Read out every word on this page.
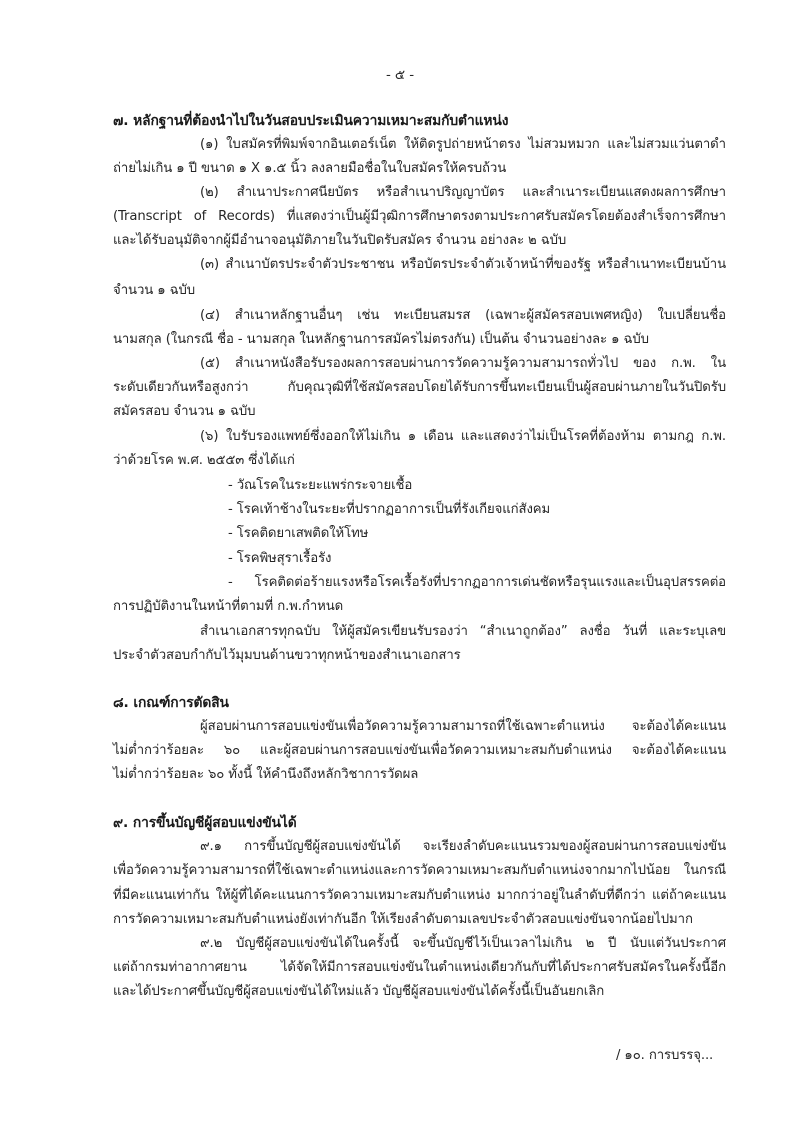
- ๕ -
๗. หลักฐานที่ต้องนำไปในวันสอบประเมินความเหมาะสมกับตำแหน่ง
(๑) ใบสมัครที่พิมพ์จากอินเตอร์เน็ต ให้ติดรูปถ่ายหน้าตรง ไม่สวมหมวก และไม่สวมแว่นตาดำ
ถ่ายไม่เกิน ๑ ปี ขนาด ๑ X ๑.๕ นิ้ว ลงลายมือชื่อในใบสมัครให้ครบถ้วน
(๒) สำเนาประกาศนียบัตร หรือสำเนาปริญญาบัตร และสำเนาระเบียนแสดงผลการศึกษา
(Transcript of Records) ที่แสดงว่าเป็นผู้มีวุฒิการศึกษาตรงตามประกาศรับสมัครโดยต้องสำเร็จการศึกษา
และได้รับอนุมัติจากผู้มีอำนาจอนุมัติภายในวันปิดรับสมัคร จำนวน อย่างละ ๒ ฉบับ
(๓) สำเนาบัตรประจำตัวประชาชน หรือบัตรประจำตัวเจ้าหน้าที่ของรัฐ หรือสำเนาทะเบียนบ้าน
จำนวน ๑ ฉบับ
(๔) สำเนาหลักฐานอื่นๆ เช่น ทะเบียนสมรส (เฉพาะผู้สมัครสอบเพศหญิง) ใบเปลี่ยนชื่อ
นามสกุล (ในกรณี ชื่อ - นามสกุล ในหลักฐานการสมัครไม่ตรงกัน) เป็นต้น จำนวนอย่างละ ๑ ฉบับ
(๕) สำเนาหนังสือรับรองผลการสอบผ่านการวัดความรู้ความสามารถทั่วไป ของ ก.พ. ใน
ระดับเดียวกันหรือสูงกว่า กับคุณวุฒิที่ใช้สมัครสอบโดยได้รับการขึ้นทะเบียนเป็นผู้สอบผ่านภายในวันปิดรับ
สมัครสอบ จำนวน ๑ ฉบับ
(๖) ใบรับรองแพทย์ซึ่งออกให้ไม่เกิน ๑ เดือน และแสดงว่าไม่เป็นโรคที่ต้องห้าม ตามกฎ ก.พ.
ว่าด้วยโรค พ.ศ. ๒๕๕๓ ซึ่งได้แก่
- วัณโรคในระยะแพร่กระจายเชื้อ
- โรคเท้าช้างในระยะที่ปรากฏอาการเป็นที่รังเกียจแก่สังคม
- โรคติดยาเสพติดให้โทษ
- โรคพิษสุราเรื้อรัง
- โรคติดต่อร้ายแรงหรือโรคเรื้อรังที่ปรากฏอาการเด่นชัดหรือรุนแรงและเป็นอุปสรรคต่อ
การปฏิบัติงานในหน้าที่ตามที่ ก.พ.กำหนด
สำเนาเอกสารทุกฉบับ ให้ผู้สมัครเขียนรับรองว่า “สำเนาถูกต้อง” ลงชื่อ วันที่ และระบุเลข
ประจำตัวสอบกำกับไว้มุมบนด้านขวาทุกหน้าของสำเนาเอกสาร
๘. เกณฑ์การตัดสิน
ผู้สอบผ่านการสอบแข่งขันเพื่อวัดความรู้ความสามารถที่ใช้เฉพาะตำแหน่ง จะต้องได้คะแนน
ไม่ต่ำกว่าร้อยละ ๖๐ และผู้สอบผ่านการสอบแข่งขันเพื่อวัดความเหมาะสมกับตำแหน่ง จะต้องได้คะแนน
ไม่ต่ำกว่าร้อยละ ๖๐ ทั้งนี้ ให้คำนึงถึงหลักวิชาการวัดผล
๙. การขึ้นบัญชีผู้สอบแข่งขันได้
๙.๑ การขึ้นบัญชีผู้สอบแข่งขันได้ จะเรียงลำดับคะแนนรวมของผู้สอบผ่านการสอบแข่งขัน
เพื่อวัดความรู้ความสามารถที่ใช้เฉพาะตำแหน่งและการวัดความเหมาะสมกับตำแหน่งจากมากไปน้อย ในกรณี
ที่มีคะแนนเท่ากัน ให้ผู้ที่ได้คะแนนการวัดความเหมาะสมกับตำแหน่ง มากกว่าอยู่ในลำดับที่ดีกว่า แต่ถ้าคะแนน
การวัดความเหมาะสมกับตำแหน่งยังเท่ากันอีก ให้เรียงลำดับตามเลขประจำตัวสอบแข่งขันจากน้อยไปมาก
๙.๒ บัญชีผู้สอบแข่งขันได้ในครั้งนี้ จะขึ้นบัญชีไว้เป็นเวลาไม่เกิน ๒ ปี นับแต่วันประกาศ
แต่ถ้ากรมท่าอากาศยาน ได้จัดให้มีการสอบแข่งขันในตำแหน่งเดียวกันกับที่ได้ประกาศรับสมัครในครั้งนี้อีก
และได้ประกาศขึ้นบัญชีผู้สอบแข่งขันได้ใหม่แล้ว บัญชีผู้สอบแข่งขันได้ครั้งนี้เป็นอันยกเลิก
/ ๑๐. การบรรจุ...
